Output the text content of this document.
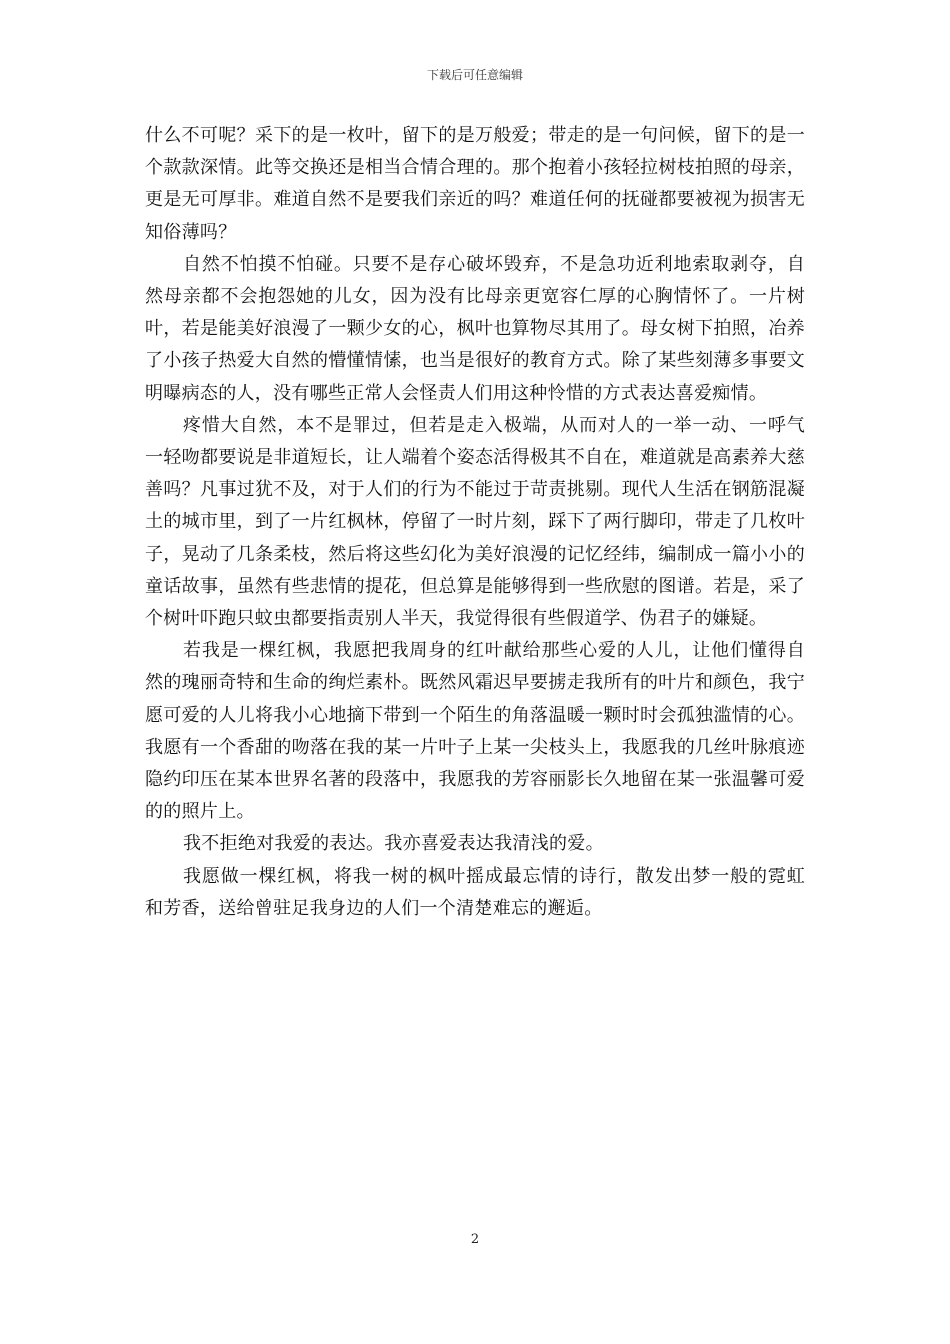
下载后可任意编辑

什么不可呢？采下的是一枚叶，留下的是万般爱；带走的是一句问候，留下的是一个款款深情。此等交换还是相当合情合理的。那个抱着小孩轻拉树枝拍照的母亲，更是无可厚非。难道自然不是要我们亲近的吗？难道任何的抚碰都要被视为损害无知俗薄吗？

自然不怕摸不怕碰。只要不是存心破坏毁弃，不是急功近利地索取剥夺，自然母亲都不会抱怨她的儿女，因为没有比母亲更宽容仁厚的心胸情怀了。一片树叶，若是能美好浪漫了一颗少女的心，枫叶也算物尽其用了。母女树下拍照，冶养了小孩子热爱大自然的懵懂情愫，也当是很好的教育方式。除了某些刻薄多事要文明曝病态的人，没有哪些正常人会怪责人们用这种怜惜的方式表达喜爱痴情。

疼惜大自然，本不是罪过，但若是走入极端，从而对人的一举一动、一呼气一轻吻都要说是非道短长，让人端着个姿态活得极其不自在，难道就是高素养大慈善吗？凡事过犹不及，对于人们的行为不能过于苛责挑剔。现代人生活在钢筋混凝土的城市里，到了一片红枫林，停留了一时片刻，踩下了两行脚印，带走了几枚叶子，晃动了几条柔枝，然后将这些幻化为美好浪漫的记忆经纬，编制成一篇小小的童话故事，虽然有些悲情的提花，但总算是能够得到一些欣慰的图谱。若是，采了个树叶吓跑只蚊虫都要指责别人半天，我觉得很有些假道学、伪君子的嫌疑。

若我是一棵红枫，我愿把我周身的红叶献给那些心爱的人儿，让他们懂得自然的瑰丽奇特和生命的绚烂素朴。既然风霜迟早要掳走我所有的叶片和颜色，我宁愿可爱的人儿将我小心地摘下带到一个陌生的角落温暖一颗时时会孤独滥情的心。我愿有一个香甜的吻落在我的某一片叶子上某一尖枝头上，我愿我的几丝叶脉痕迹隐约印压在某本世界名著的段落中，我愿我的芳容丽影长久地留在某一张温馨可爱的的照片上。

我不拒绝对我爱的表达。我亦喜爱表达我清浅的爱。

我愿做一棵红枫，将我一树的枫叶摇成最忘情的诗行，散发出梦一般的霓虹和芳香，送给曾驻足我身边的人们一个清楚难忘的邂逅。

2
